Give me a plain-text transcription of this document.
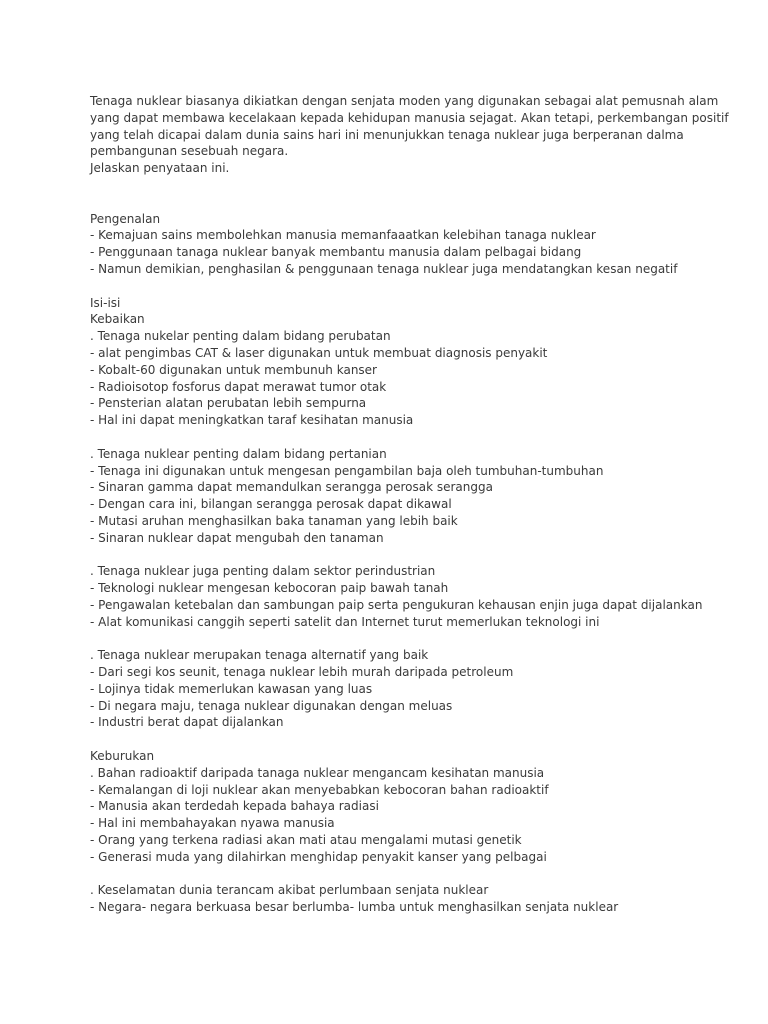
Tenaga nuklear biasanya dikiatkan dengan senjata moden yang digunakan sebagai alat pemusnah alam
yang dapat membawa kecelakaan kepada kehidupan manusia sejagat. Akan tetapi, perkembangan positif
yang telah dicapai dalam dunia sains hari ini menunjukkan tenaga nuklear juga berperanan dalma
pembangunan sesebuah negara.
Jelaskan penyataan ini.
Pengenalan
- Kemajuan sains membolehkan manusia memanfaaatkan kelebihan tanaga nuklear
- Penggunaan tanaga nuklear banyak membantu manusia dalam pelbagai bidang
- Namun demikian, penghasilan & penggunaan tenaga nuklear juga mendatangkan kesan negatif
Isi-isi
Kebaikan
. Tenaga nukelar penting dalam bidang perubatan
- alat pengimbas CAT & laser digunakan untuk membuat diagnosis penyakit
- Kobalt-60 digunakan untuk membunuh kanser
- Radioisotop fosforus dapat merawat tumor otak
- Pensterian alatan perubatan lebih sempurna
- Hal ini dapat meningkatkan taraf kesihatan manusia
. Tenaga nuklear penting dalam bidang pertanian
- Tenaga ini digunakan untuk mengesan pengambilan baja oleh tumbuhan-tumbuhan
- Sinaran gamma dapat memandulkan serangga perosak serangga
- Dengan cara ini, bilangan serangga perosak dapat dikawal
- Mutasi aruhan menghasilkan baka tanaman yang lebih baik
- Sinaran nuklear dapat mengubah den tanaman
. Tenaga nuklear juga penting dalam sektor perindustrian
- Teknologi nuklear mengesan kebocoran paip bawah tanah
- Pengawalan ketebalan dan sambungan paip serta pengukuran kehausan enjin juga dapat dijalankan
- Alat komunikasi canggih seperti satelit dan Internet turut memerlukan teknologi ini
. Tenaga nuklear merupakan tenaga alternatif yang baik
- Dari segi kos seunit, tenaga nuklear lebih murah daripada petroleum
- Lojinya tidak memerlukan kawasan yang luas
- Di negara maju, tenaga nuklear digunakan dengan meluas
- Industri berat dapat dijalankan
Keburukan
. Bahan radioaktif daripada tanaga nuklear mengancam kesihatan manusia
- Kemalangan di loji nuklear akan menyebabkan kebocoran bahan radioaktif
- Manusia akan terdedah kepada bahaya radiasi
- Hal ini membahayakan nyawa manusia
- Orang yang terkena radiasi akan mati atau mengalami mutasi genetik
- Generasi muda yang dilahirkan menghidap penyakit kanser yang pelbagai
. Keselamatan dunia terancam akibat perlumbaan senjata nuklear
- Negara- negara berkuasa besar berlumba- lumba untuk menghasilkan senjata nuklear
